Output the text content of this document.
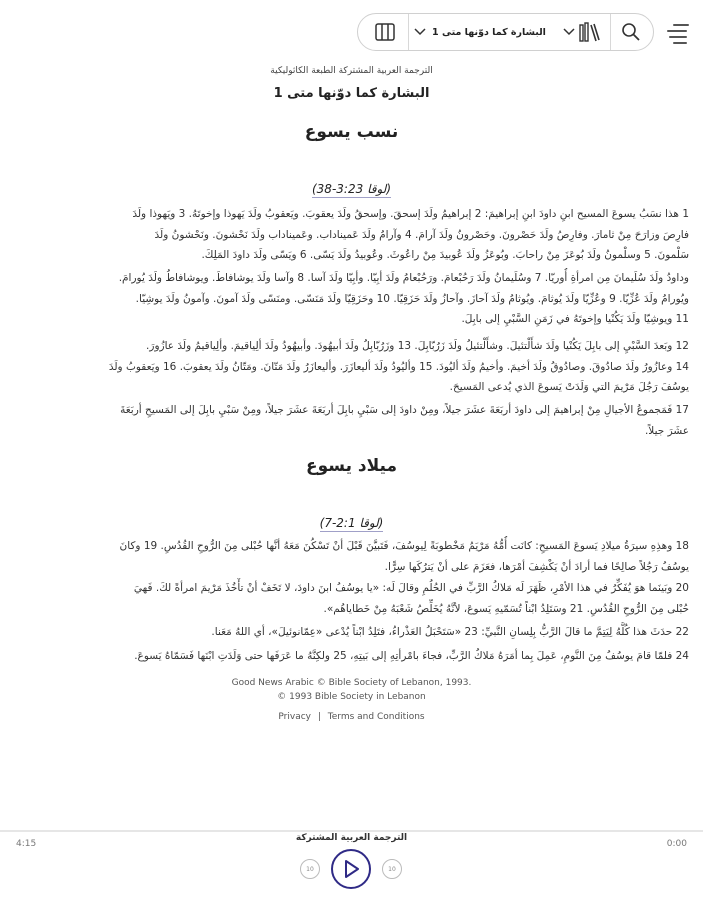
البشارة كما دوّنها متى 1
الترجمة العربية المشتركة الطبعة الكاثوليكية
البشارة كما دوّنها متى 1
نسب يسوع
(لوقا 3:23-38)
1 هذا نسَبُ يسوعَ المسيح ابنِ داودَ ابنِ إبراهيمَ: 2 إبراهيمُ ولَدَ إسحقَ. وإسحقُ ولَدَ يعقوبَ. ويَعقوبُ ولَدَ يَهوذا وإخوتَهُ. 3 ويَهوذا ولَدَ
فارِصَ وزارَحَ مِنْ ثامارَ. وفارِصُ ولَدَ حَصْرونَ. وحَصْرونُ ولَدَ آرامَ. 4 وآرامُ ولَدَ عَميناداب. وعَميناداب ولَدَ نَحْشونَ. ونَحْشونُ ولَدَ
سَلْمونَ. 5 وسلْمونُ ولَدَ بُوعَزَ مِنْ راحابَ. وبُوعَزُ ولَدَ عُوبيدَ مِنْ راعُوثَ. وعُوبيدُ ولَدَ يَسّى. 6 ويَسّى ولَدَ داودَ المَلِكَ.
وداودُ ولَدَ سُلَيمانَ مِن امرأةِ أُوريّا. 7 وسُلَيمانُ ولَدَ رَحُبْعامَ. ورَحُبْعامُ ولَدَ أبِيّا. وأبِيّا ولَدَ آسا. 8 وآسا ولَدَ يوشافاطَ. ويوشافاطُ ولَدَ يُورامَ.
ويُورامُ ولَدَ عُزِّيّا. 9 وعُزِّيّا ولَدَ يُوثامَ. ويُوثامُ ولَدَ آحازَ. وآحازُ ولَدَ حَزَقِيّا. 10 وحَزَقِيّا ولَدَ مَنَسّى. ومنَسّى ولَدَ آمونَ. وآمونُ ولَدَ يوشِيّا.
11 ويوشِيّا ولَدَ يَكُنْيا وإخوتَهُ في زَمَنِ السَّبْيِ إلى بابِلَ.
12 وبَعدَ السَّبْيِ إلى بابِلَ يَكُنْيا ولَدَ شأَلْتئيلَ. وشأَلْتئيلُ ولَدَ زَرُبّابِلَ. 13 وزَرُبّابِلُ ولَدَ أبيهُودَ. وأبيهُودُ ولَدَ ألِياقيمَ. وألِياقيمُ ولَدَ عازُورَ.
14 وعازُورُ ولَدَ صادُوقَ. وصادُوقُ ولَدَ أخيمَ. وأخيمُ ولَدَ أليُودَ. 15 وأليُودُ ولَدَ أليعازَرَ. وأليعازَرُ ولَدَ مَتّانَ. ومَتّانُ ولَدَ يعقوبَ. 16 ويَعقوبُ ولَدَ
يوسُفَ رَجُلَ مَرْيمَ التي وَلَدَتْ يَسوعَ الذي يُدعى المَسيحَ.
17 فَمَجموعُ الأجيالِ مِنْ إبراهيمَ إلى داودَ أربَعَةَ عشَرَ جيلاً، ومِنْ داودَ إلى سَبْيِ بابِلَ أربَعَةَ عشَرَ جيلاً، ومِنْ سَبْيِ بابِلَ إلى المَسيحِ أربَعَةَ
عشَرَ جيلاً.
ميلاد يسوع
(لوقا 2:1-7)
18 وهذِهِ سيرَةُ ميلادِ يَسوعَ المَسيحِ: كانَت أُمُّهُ مَرْيَمُ مَخْطوبَةً لِيوسُفَ، فَتَبيَّنَ قَبْلَ أنْ تَسْكُنَ مَعَهُ أنَّها حُبْلى مِنَ الرُّوحِ القُدُسِ. 19 وكانَ
يوسُفُ رَجُلاً صالِحًا فما أرادَ أنْ يَكْشِفَ أمْرَها، فعَزَمَ على أنْ يَترُكَها سِرًّا.
20 وبَينَما هوَ يُفَكِّرُ في هذا الأمْرِ، ظَهَرَ لَه مَلاكُ الرَّبِّ في الحُلُمِ وقالَ لَه: «يا يوسُفُ ابنَ داودَ، لا تَخَفْ أنْ تأْخُذَ مَرْيمَ امرأةً لكَ. فَهيَ
حُبْلى مِنَ الرُّوحِ القُدُسِ. 21 وسَتَلِدُ ابْناً تُسَمّيهِ يَسوعَ، لأنَّهُ يُخَلِّصُ شَعْبَهُ مِنْ خَطاياهُم».
22 حدَثَ هذا كُلُّهُ لِيَتِمَّ ما قالَ الرَّبُّ بِلِسانِ النَّبيِّ: 23 «سَتَحْبَلُ العَذْراءُ، فتَلِدُ ابْناً يُدْعى «عِمّانوئيلَ»، أي اللهُ مَعَنا.
24 فلمّا قامَ يوسُفُ مِنَ النَّومِ، عَمِلَ بِما أمَرَهُ مَلاكُ الرَّبِّ، فجاءَ بامْرأتِهِ إلى بَيتِهِ، 25 ولكِنَّهُ ما عَرَفَها حتى وَلَدَتِ ابْنَها فَسَمّاهُ يَسوعَ.
Good News Arabic © Bible Society of Lebanon, 1993.
© 1993 Bible Society in Lebanon
Privacy | Terms and Conditions
4:15	0:00
الترجمة العربية المشتركة
10	10
